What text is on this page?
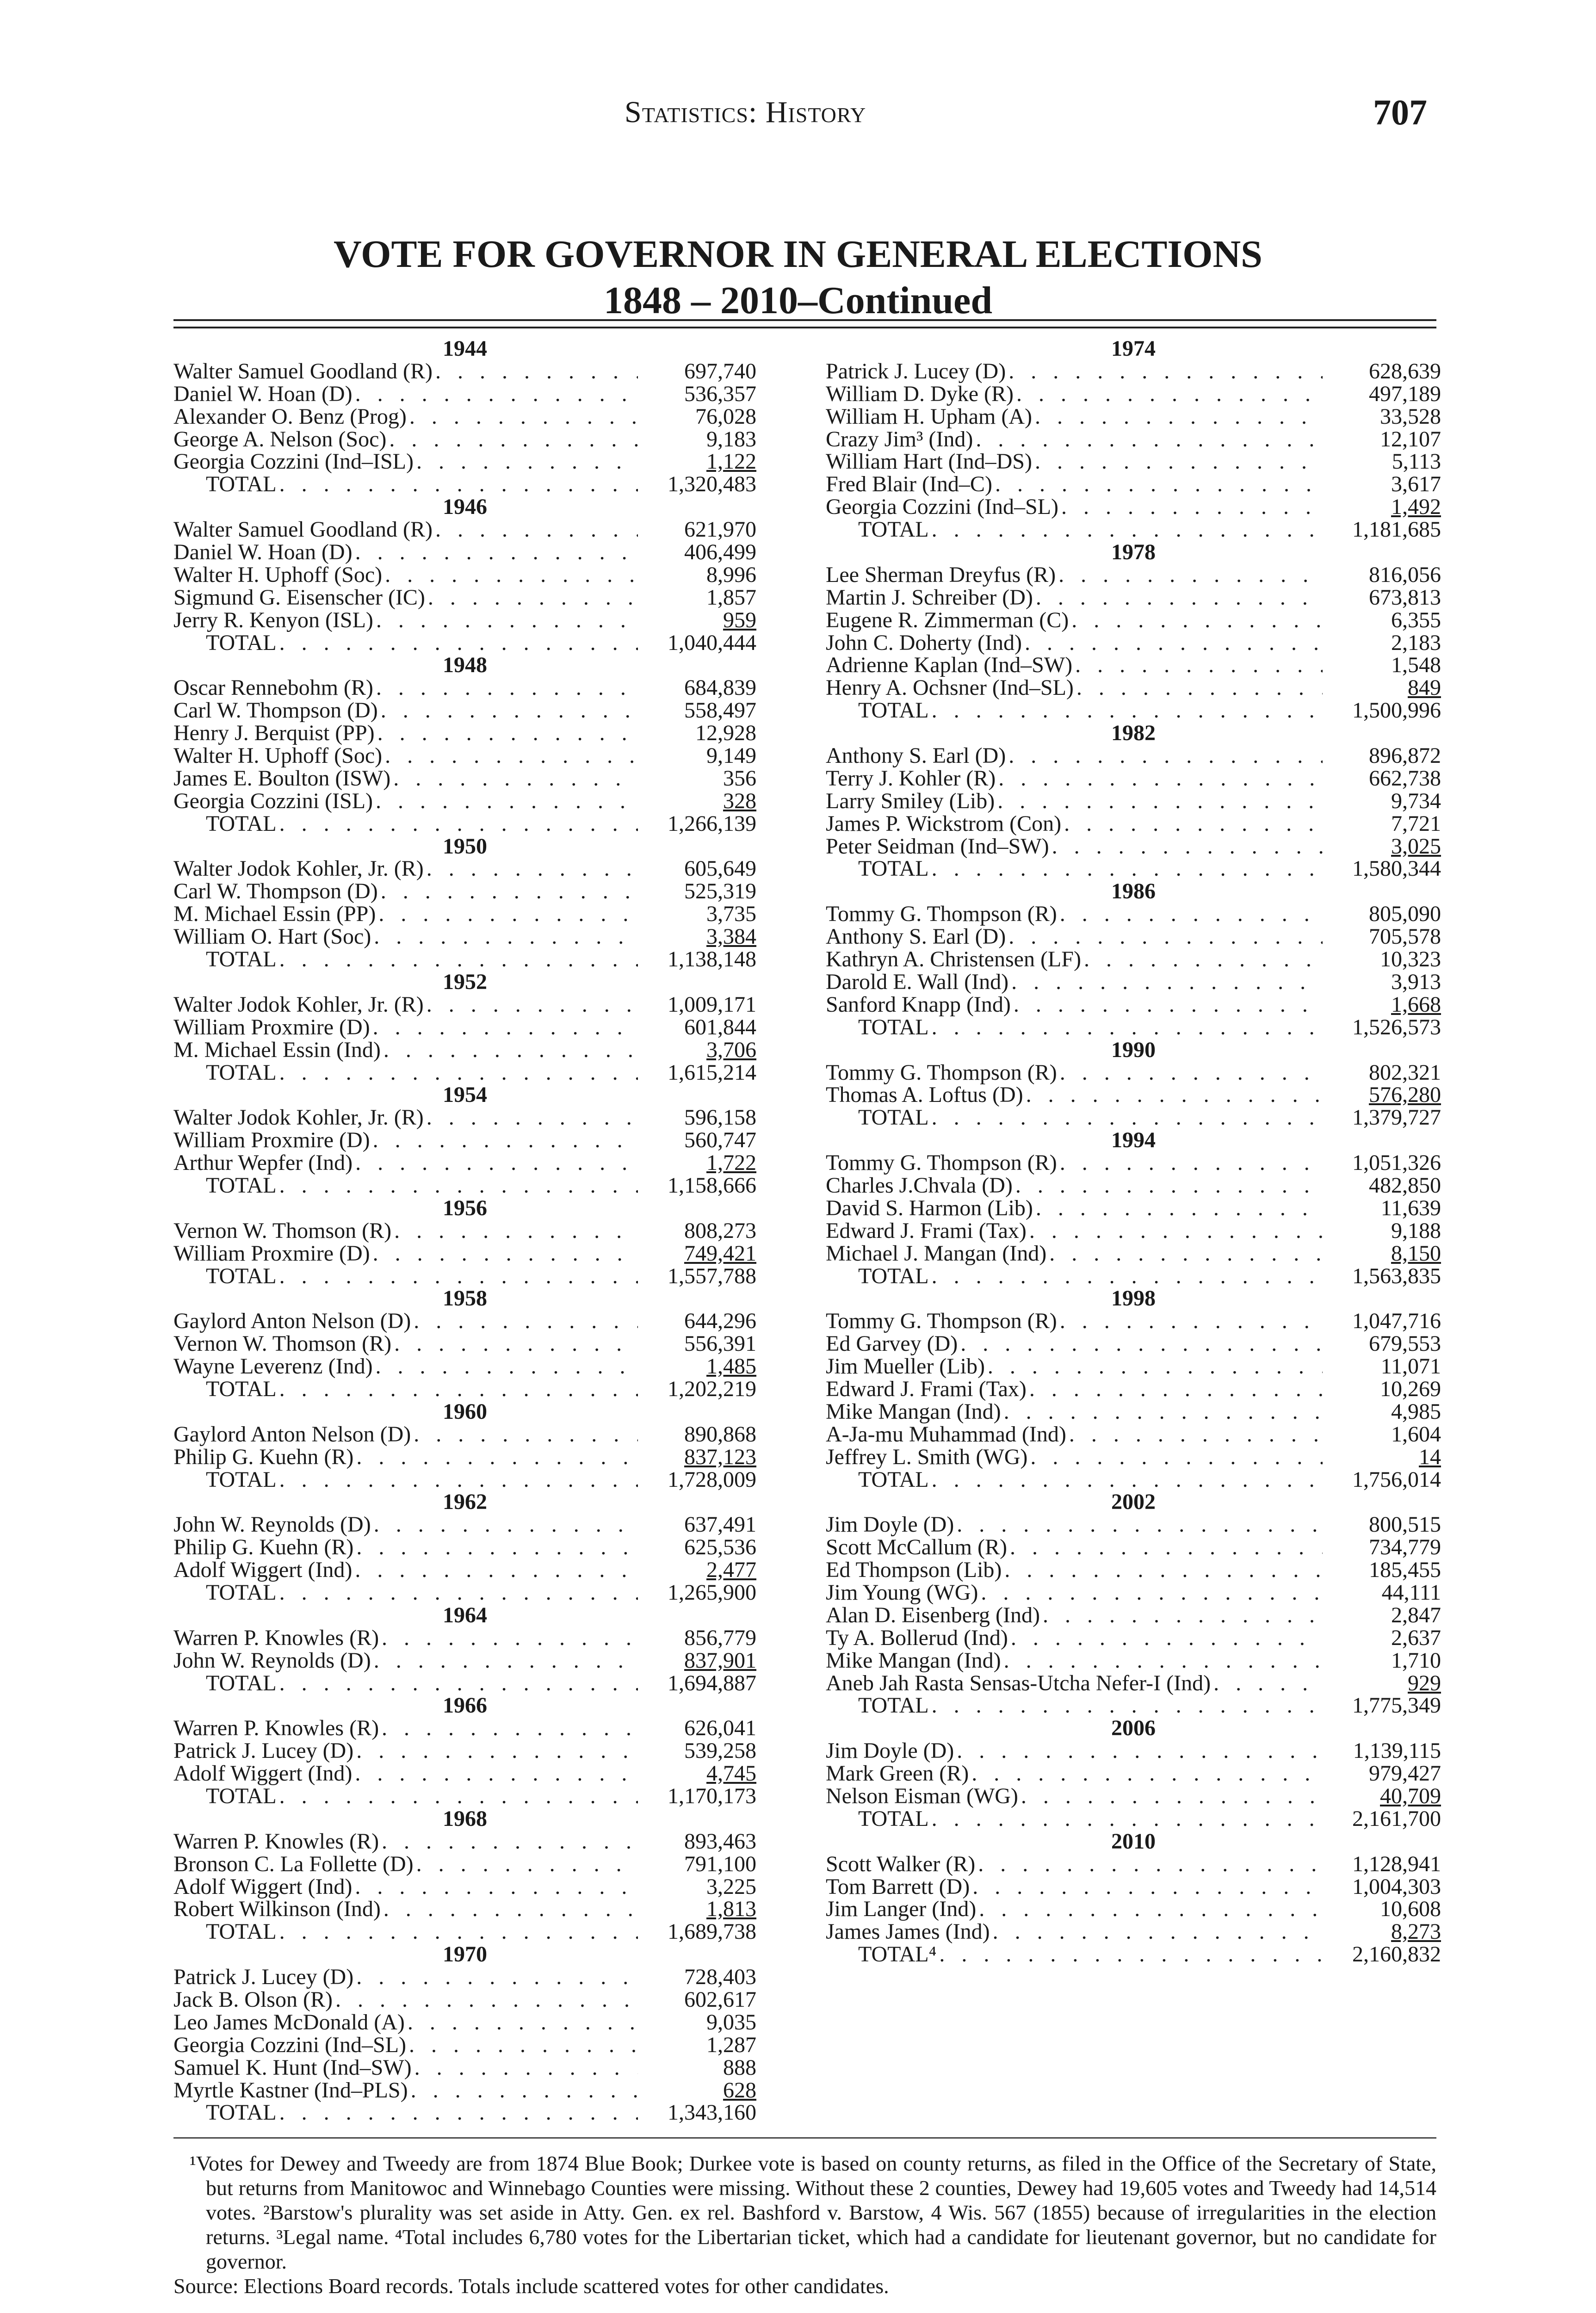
Statistics: History	707
VOTE FOR GOVERNOR IN GENERAL ELECTIONS
1848 – 2010–Continued
1944
Walter Samuel Goodland (R) . . .	697,740
Daniel W. Hoan (D) . . .	536,357
Alexander O. Benz (Prog) . . .	76,028
George A. Nelson (Soc) . . .	9,183
Georgia Cozzini (Ind–ISL) . . .	1,122
TOTAL . . .	1,320,483
1946
Walter Samuel Goodland (R) . . .	621,970
Daniel W. Hoan (D) . . .	406,499
Walter H. Uphoff (Soc) . . .	8,996
Sigmund G. Eisenscher (IC) . . .	1,857
Jerry R. Kenyon (ISL) . . .	959
TOTAL . . .	1,040,444
1948
Oscar Rennebohm (R) . . .	684,839
Carl W. Thompson (D) . . .	558,497
Henry J. Berquist (PP) . . .	12,928
Walter H. Uphoff (Soc) . . .	9,149
James E. Boulton (ISW) . . .	356
Georgia Cozzini (ISL) . . .	328
TOTAL . . .	1,266,139
1950
Walter Jodok Kohler, Jr. (R) . . .	605,649
Carl W. Thompson (D) . . .	525,319
M. Michael Essin (PP) . . .	3,735
William O. Hart (Soc) . . .	3,384
TOTAL . . .	1,138,148
1952
Walter Jodok Kohler, Jr. (R) . . .	1,009,171
William Proxmire (D) . . .	601,844
M. Michael Essin (Ind) . . .	3,706
TOTAL . . .	1,615,214
1954
Walter Jodok Kohler, Jr. (R) . . .	596,158
William Proxmire (D) . . .	560,747
Arthur Wepfer (Ind) . . .	1,722
TOTAL . . .	1,158,666
1956
Vernon W. Thomson (R) . . .	808,273
William Proxmire (D) . . .	749,421
TOTAL . . .	1,557,788
1958
Gaylord Anton Nelson (D) . . .	644,296
Vernon W. Thomson (R) . . .	556,391
Wayne Leverenz (Ind) . . .	1,485
TOTAL . . .	1,202,219
1960
Gaylord Anton Nelson (D) . . .	890,868
Philip G. Kuehn (R) . . .	837,123
TOTAL . . .	1,728,009
1962
John W. Reynolds (D) . . .	637,491
Philip G. Kuehn (R) . . .	625,536
Adolf Wiggert (Ind) . . .	2,477
TOTAL . . .	1,265,900
1964
Warren P. Knowles (R) . . .	856,779
John W. Reynolds (D) . . .	837,901
TOTAL . . .	1,694,887
1966
Warren P. Knowles (R) . . .	626,041
Patrick J. Lucey (D) . . .	539,258
Adolf Wiggert (Ind) . . .	4,745
TOTAL . . .	1,170,173
1968
Warren P. Knowles (R) . . .	893,463
Bronson C. La Follette (D) . . .	791,100
Adolf Wiggert (Ind) . . .	3,225
Robert Wilkinson (Ind) . . .	1,813
TOTAL . . .	1,689,738
1970
Patrick J. Lucey (D) . . .	728,403
Jack B. Olson (R) . . .	602,617
Leo James McDonald (A) . . .	9,035
Georgia Cozzini (Ind–SL) . . .	1,287
Samuel K. Hunt (Ind–SW) . . .	888
Myrtle Kastner (Ind–PLS) . . .	628
TOTAL . . .	1,343,160
1974
Patrick J. Lucey (D) . . .	628,639
William D. Dyke (R) . . .	497,189
William H. Upham (A) . . .	33,528
Crazy Jim³ (Ind) . . .	12,107
William Hart (Ind–DS) . . .	5,113
Fred Blair (Ind–C) . . .	3,617
Georgia Cozzini (Ind–SL) . . .	1,492
TOTAL . . .	1,181,685
1978
Lee Sherman Dreyfus (R) . . .	816,056
Martin J. Schreiber (D) . . .	673,813
Eugene R. Zimmerman (C) . . .	6,355
John C. Doherty (Ind) . . .	2,183
Adrienne Kaplan (Ind–SW) . . .	1,548
Henry A. Ochsner (Ind–SL) . . .	849
TOTAL . . .	1,500,996
1982
Anthony S. Earl (D) . . .	896,872
Terry J. Kohler (R) . . .	662,738
Larry Smiley (Lib) . . .	9,734
James P. Wickstrom (Con) . . .	7,721
Peter Seidman (Ind–SW) . . .	3,025
TOTAL . . .	1,580,344
1986
Tommy G. Thompson (R) . . .	805,090
Anthony S. Earl (D) . . .	705,578
Kathryn A. Christensen (LF) . . .	10,323
Darold E. Wall (Ind) . . .	3,913
Sanford Knapp (Ind) . . .	1,668
TOTAL . . .	1,526,573
1990
Tommy G. Thompson (R) . . .	802,321
Thomas A. Loftus (D) . . .	576,280
TOTAL . . .	1,379,727
1994
Tommy G. Thompson (R) . . .	1,051,326
Charles J.Chvala (D) . . .	482,850
David S. Harmon (Lib) . . .	11,639
Edward J. Frami (Tax) . . .	9,188
Michael J. Mangan (Ind) . . .	8,150
TOTAL . . .	1,563,835
1998
Tommy G. Thompson (R) . . .	1,047,716
Ed Garvey (D) . . .	679,553
Jim Mueller (Lib) . . .	11,071
Edward J. Frami (Tax) . . .	10,269
Mike Mangan (Ind) . . .	4,985
A-Ja-mu Muhammad (Ind) . . .	1,604
Jeffrey L. Smith (WG) . . .	14
TOTAL . . .	1,756,014
2002
Jim Doyle (D) . . .	800,515
Scott McCallum (R) . . .	734,779
Ed Thompson (Lib) . . .	185,455
Jim Young (WG) . . .	44,111
Alan D. Eisenberg (Ind) . . .	2,847
Ty A. Bollerud (Ind) . . .	2,637
Mike Mangan (Ind) . . .	1,710
Aneb Jah Rasta Sensas-Utcha Nefer-I (Ind) . . .	929
TOTAL . . .	1,775,349
2006
Jim Doyle (D) . . .	1,139,115
Mark Green (R) . . .	979,427
Nelson Eisman (WG) . . .	40,709
TOTAL . . .	2,161,700
2010
Scott Walker (R) . . .	1,128,941
Tom Barrett (D) . . .	1,004,303
Jim Langer (Ind) . . .	10,608
James James (Ind) . . .	8,273
TOTAL⁴ . . .	2,160,832

¹Votes for Dewey and Tweedy are from 1874 Blue Book; Durkee vote is based on county returns, as filed in the Office of the Secretary of State, but returns from Manitowoc and Winnebago Counties were missing. Without these 2 counties, Dewey had 19,605 votes and Tweedy had 14,514 votes. ²Barstow's plurality was set aside in Atty. Gen. ex rel. Bashford v. Barstow, 4 Wis. 567 (1855) because of irregularities in the election returns. ³Legal name. ⁴Total includes 6,780 votes for the Libertarian ticket, which had a candidate for lieutenant governor, but no candidate for governor.

Source: Elections Board records. Totals include scattered votes for other candidates.
